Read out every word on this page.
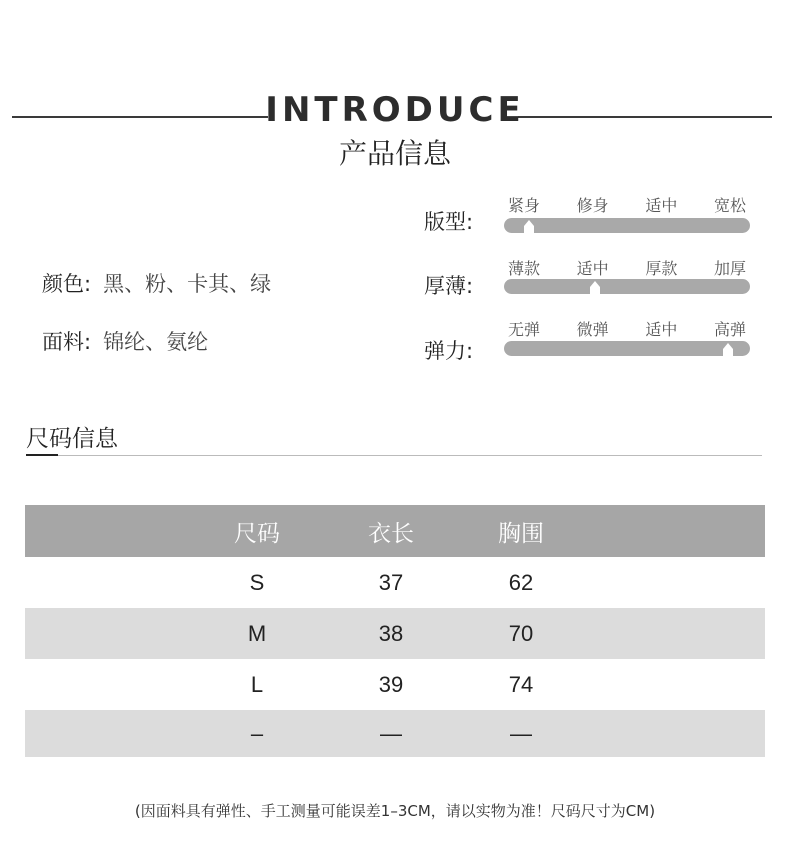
INTRODUCE
产品信息
颜色: 黑、粉、卡其、绿
面料: 锦纶、氨纶
版型:
紧身 修身 适中 宽松
厚薄:
薄款 适中 厚款 加厚
弹力:
无弹 微弹 适中 高弹
尺码信息
尺码	衣长	胸围
S	37	62
M	38	70
L	39	74
–	—	—
(因面料具有弹性、手工测量可能误差1–3CM，请以实物为准！尺码尺寸为CM)
